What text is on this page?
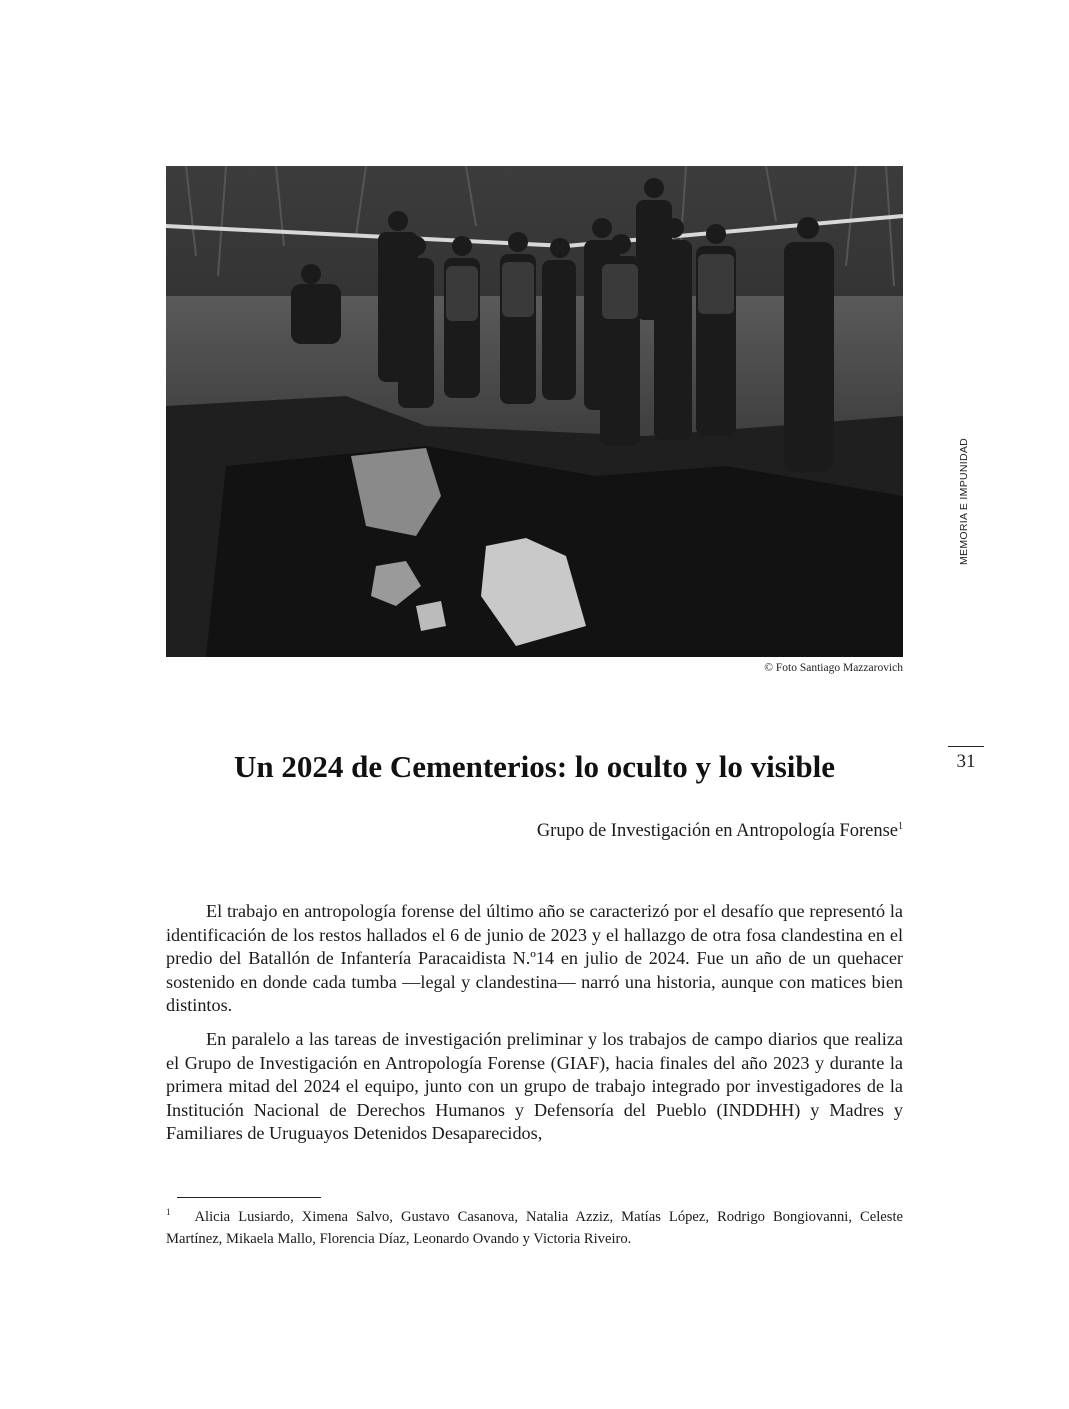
© Foto Santiago Mazzarovich
MEMORIA E IMPUNIDAD
31
Un 2024 de Cementerios: lo oculto y lo visible
Grupo de Investigación en Antropología Forense$^1$

El trabajo en antropología forense del último año se caracterizó por el desafío que representó la identificación de los restos hallados el 6 de junio de 2023 y el hallazgo de otra fosa clandestina en el predio del Batallón de Infantería Paracaidista N.º14 en julio de 2024. Fue un año de un quehacer sostenido en donde cada tumba —legal y clandestina— narró una historia, aunque con matices bien distintos.

En paralelo a las tareas de investigación preliminar y los trabajos de campo diarios que realiza el Grupo de Investigación en Antropología Forense (GIAF), hacia finales del año 2023 y durante la primera mitad del 2024 el equipo, junto con un grupo de trabajo integrado por investigadores de la Institución Nacional de Derechos Humanos y Defensoría del Pueblo (INDDHH) y Madres y Familiares de Uruguayos Detenidos Desaparecidos,

$^1$ Alicia Lusiardo, Ximena Salvo, Gustavo Casanova, Natalia Azziz, Matías López, Rodrigo Bongiovanni, Celeste Martínez, Mikaela Mallo, Florencia Díaz, Leonardo Ovando y Victoria Riveiro.
